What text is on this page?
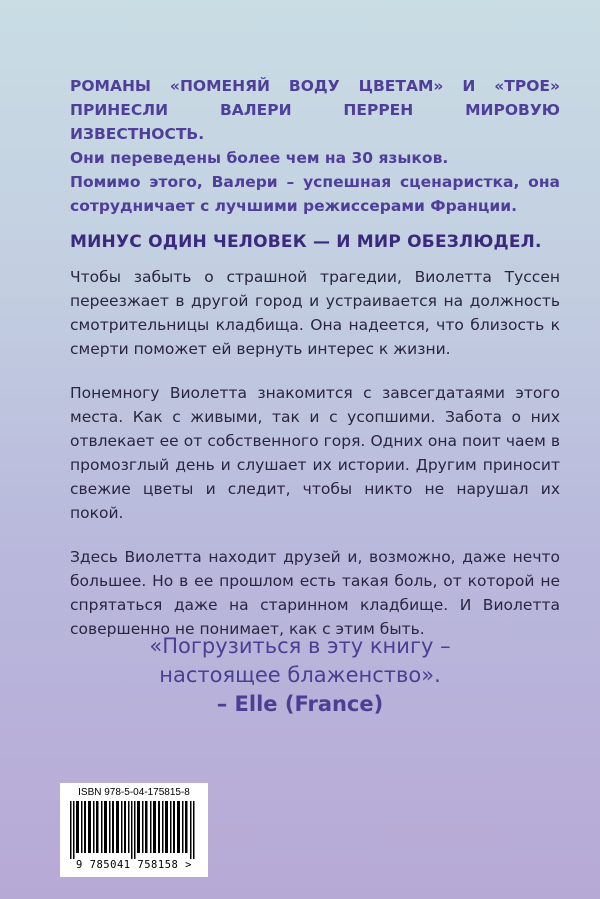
РОМАНЫ «ПОМЕНЯЙ ВОДУ ЦВЕТАМ» И «ТРОЕ» ПРИНЕСЛИ ВАЛЕРИ ПЕРРЕН МИРОВУЮ ИЗВЕСТНОСТЬ.

Они переведены более чем на 30 языков.

Помимо этого, Валери – успешная сценаристка, она сотрудничает с лучшими режиссерами Франции.

МИНУС ОДИН ЧЕЛОВЕК — И МИР ОБЕЗЛЮДЕЛ.

Чтобы забыть о страшной трагедии, Виолетта Туссен переезжает в другой город и устраивается на должность смотрительницы кладбища. Она надеется, что близость к смерти поможет ей вернуть интерес к жизни.

Понемногу Виолетта знакомится с завсегдатаями этого места. Как с живыми, так и с усопшими. Забота о них отвлекает ее от собственного горя. Одних она поит чаем в промозглый день и слушает их истории. Другим приносит свежие цветы и следит, чтобы никто не нарушал их покой.

Здесь Виолетта находит друзей и, возможно, даже нечто большее. Но в ее прошлом есть такая боль, от которой не спрятаться даже на старинном кладбище. И Виолетта совершенно не понимает, как с этим быть.

«Погрузиться в эту книгу –

настоящее блаженство».

– Elle (France)

ISBN 978-5-04-175815-8

9 785041 758158 >
